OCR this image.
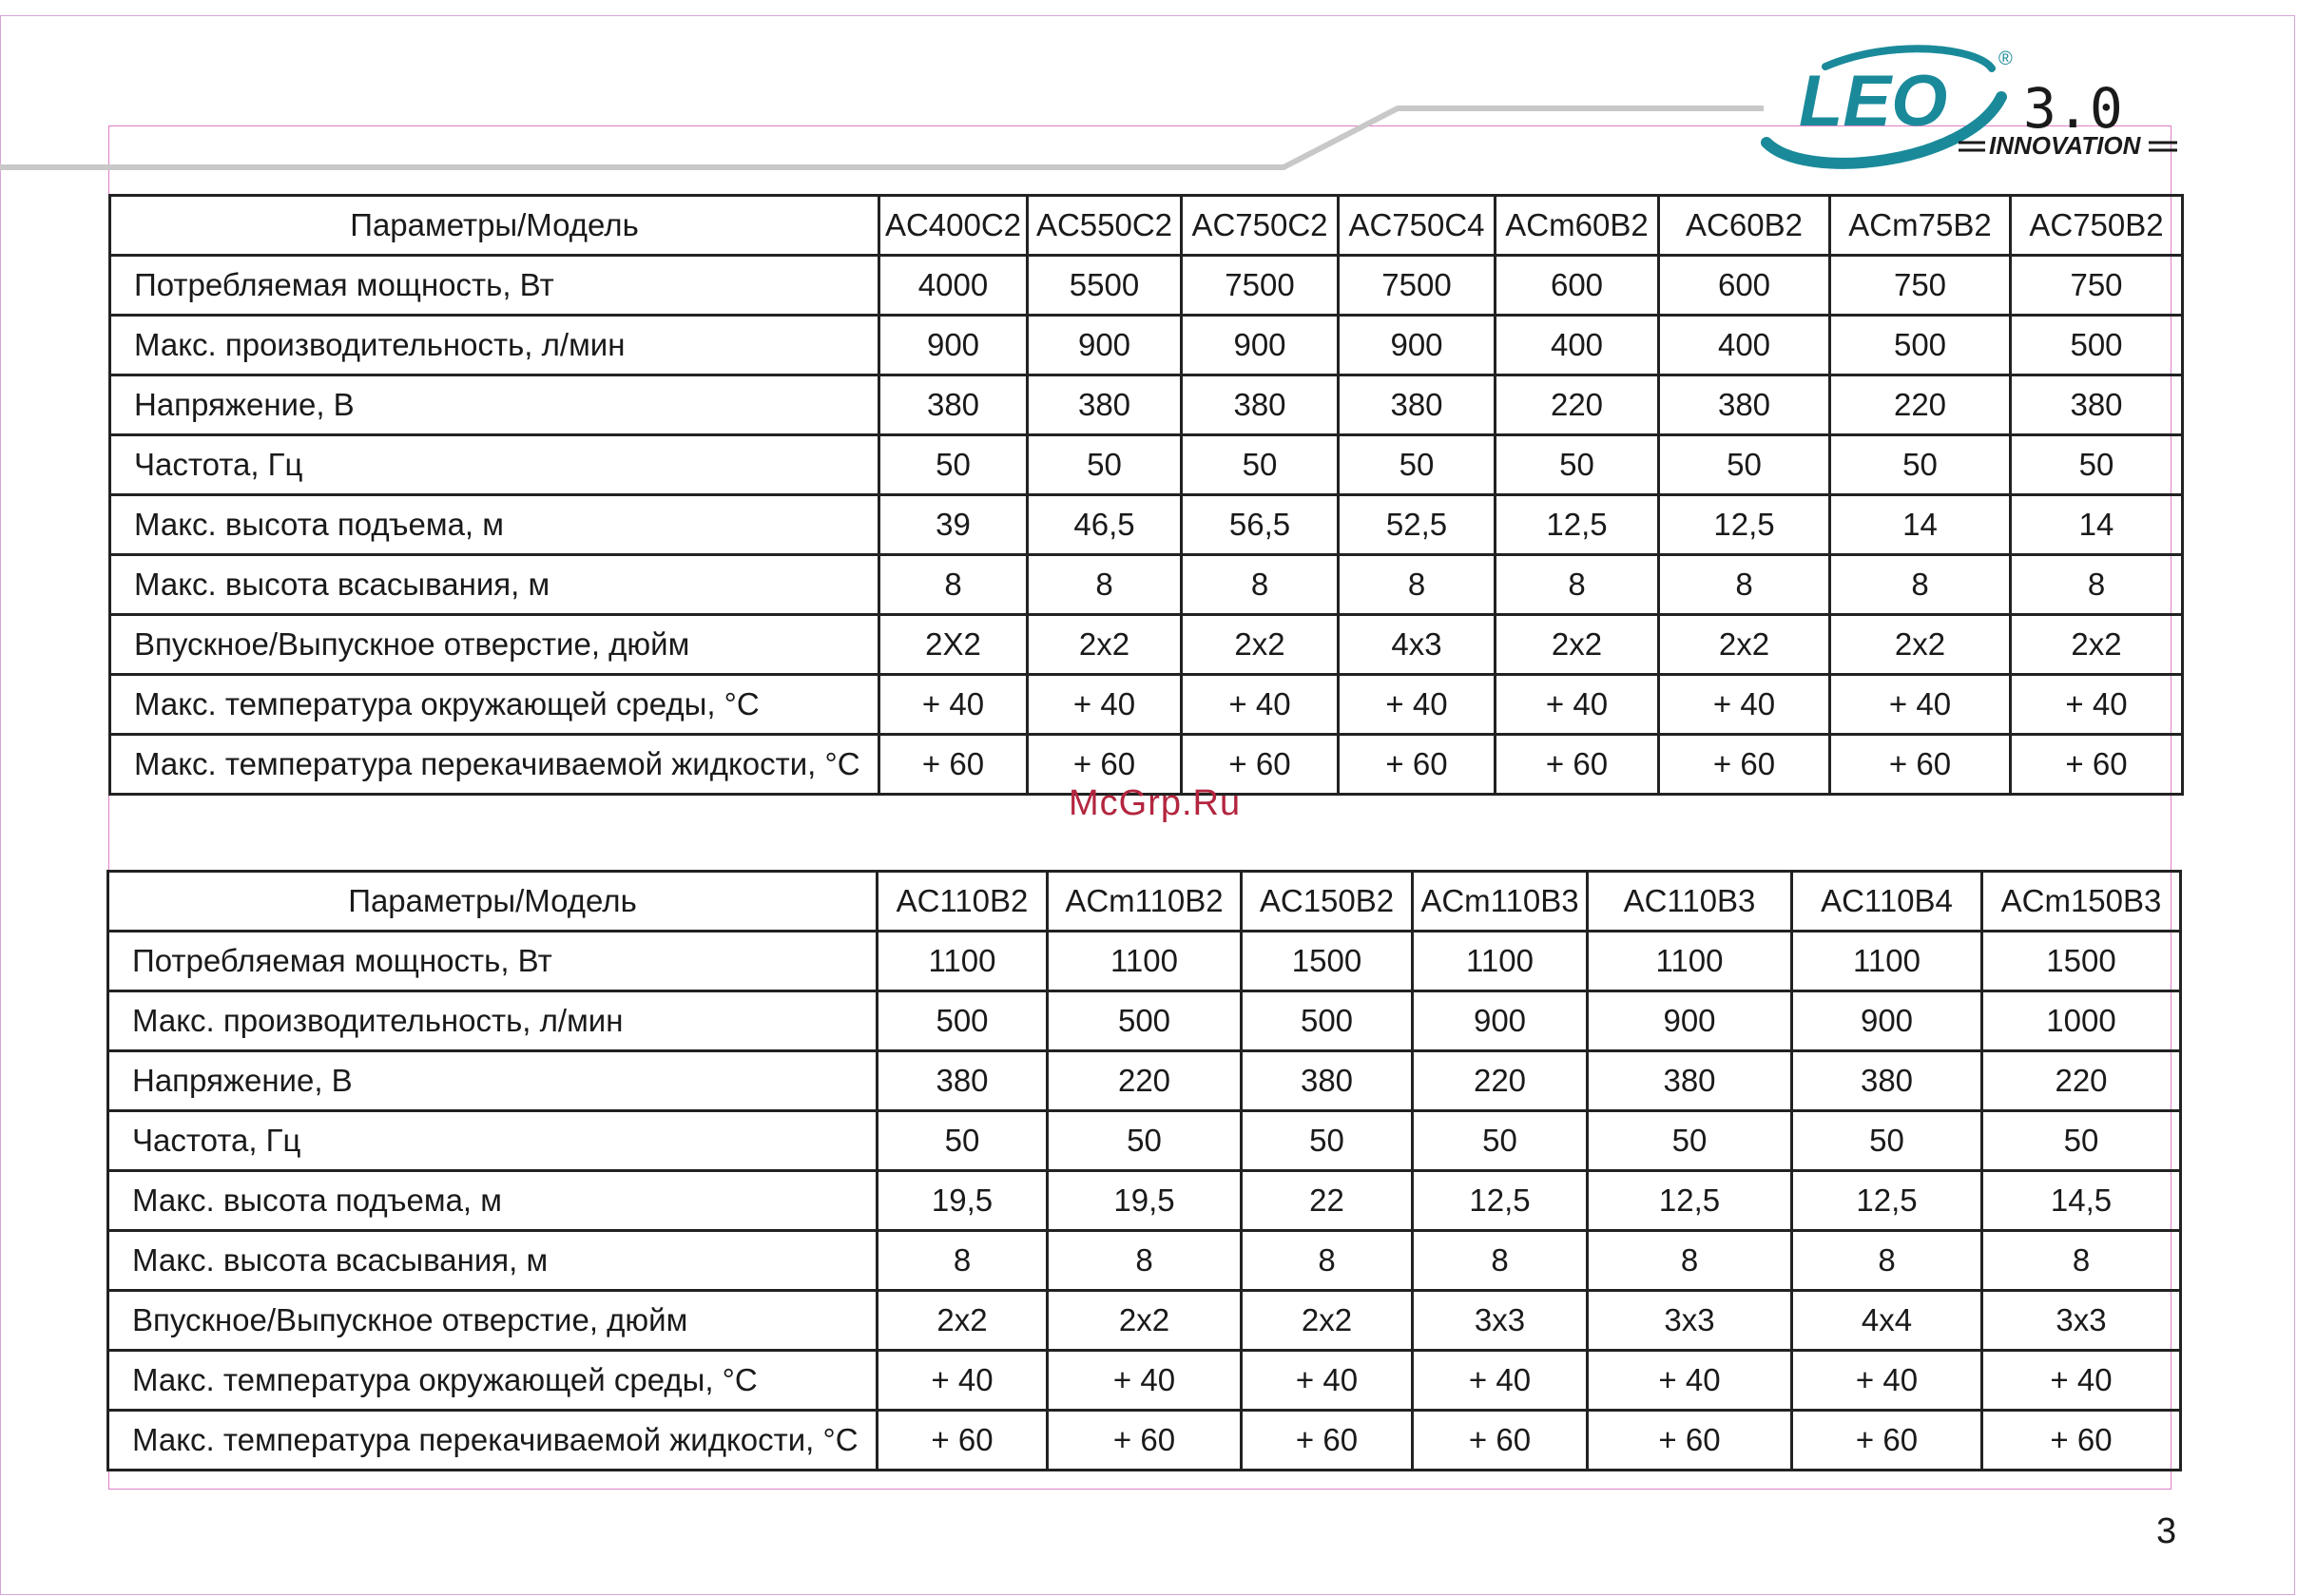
LEO
®
3.0
INNOVATION
Параметры/Модель	AC400C2	AC550C2	AC750C2	AC750C4	ACm60B2	AC60B2	ACm75B2	AC750B2
Потребляемая мощность, Вт	4000	5500	7500	7500	600	600	750	750
Макс. производительность, л/мин	900	900	900	900	400	400	500	500
Напряжение, В	380	380	380	380	220	380	220	380
Частота, Гц	50	50	50	50	50	50	50	50
Макс. высота подъема, м	39	46,5	56,5	52,5	12,5	12,5	14	14
Макс. высота всасывания, м	8	8	8	8	8	8	8	8
Впускное/Выпускное отверстие, дюйм	2X2	2x2	2x2	4x3	2x2	2x2	2x2	2x2
Макс. температура окружающей среды, °C	+ 40	+ 40	+ 40	+ 40	+ 40	+ 40	+ 40	+ 40
Макс. температура перекачиваемой жидкости, °C	+ 60	+ 60	+ 60	+ 60	+ 60	+ 60	+ 60	+ 60
McGrp.Ru
Параметры/Модель	AC110B2	ACm110B2	AC150B2	ACm110B3	AC110B3	AC110B4	ACm150B3
Потребляемая мощность, Вт	1100	1100	1500	1100	1100	1100	1500
Макс. производительность, л/мин	500	500	500	900	900	900	1000
Напряжение, В	380	220	380	220	380	380	220
Частота, Гц	50	50	50	50	50	50	50
Макс. высота подъема, м	19,5	19,5	22	12,5	12,5	12,5	14,5
Макс. высота всасывания, м	8	8	8	8	8	8	8
Впускное/Выпускное отверстие, дюйм	2x2	2x2	2x2	3x3	3x3	4x4	3x3
Макс. температура окружающей среды, °C	+ 40	+ 40	+ 40	+ 40	+ 40	+ 40	+ 40
Макс. температура перекачиваемой жидкости, °C	+ 60	+ 60	+ 60	+ 60	+ 60	+ 60	+ 60
3
